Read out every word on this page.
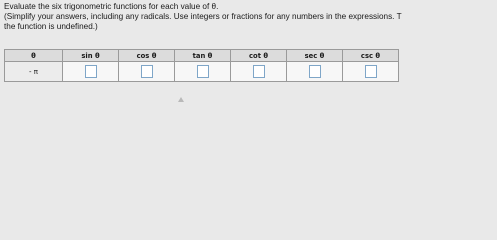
Evaluate the six trigonometric functions for each value of θ.
(Simplify your answers, including any radicals. Use integers or fractions for any numbers in the expressions. T
the function is undefined.)
θ	sin θ	cos θ	tan θ	cot θ	sec θ	csc θ
- π						
